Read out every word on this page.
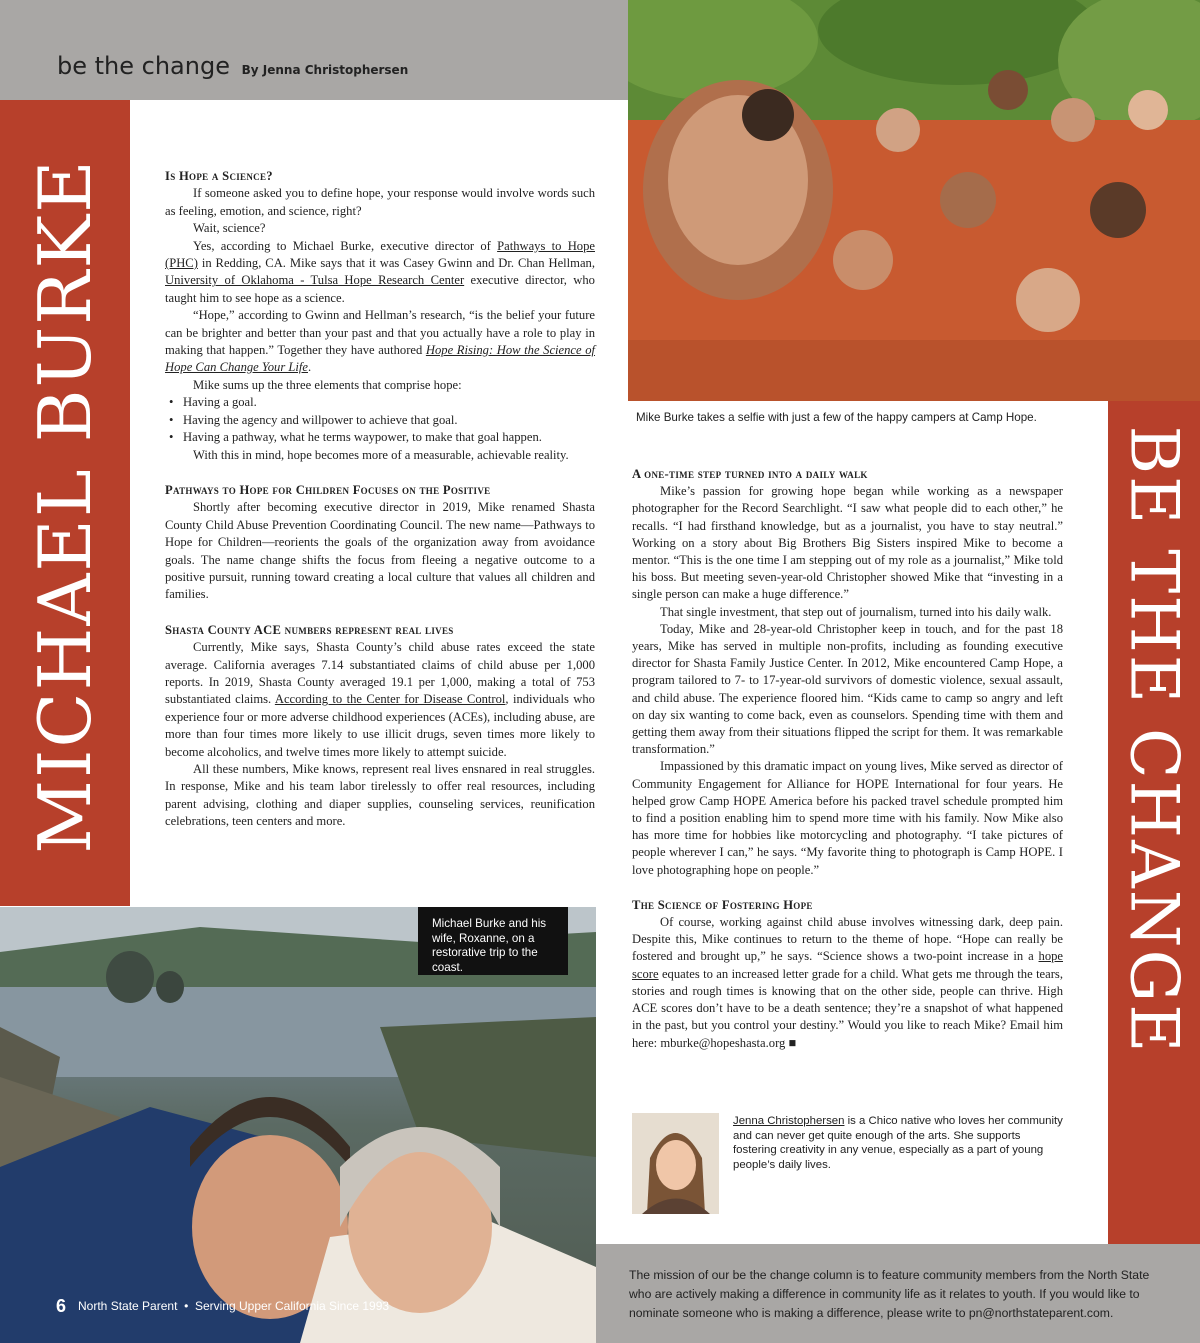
be the change By Jenna Christophersen
MICHAEL BURKE	BE THE CHANGE
Mike Burke takes a selfie with just a few of the happy campers at Camp Hope.
Is Hope a Science?

If someone asked you to define hope, your response would involve words such as feeling, emotion, and science, right?

Wait, science?

Yes, according to Michael Burke, executive director of Pathways to Hope (PHC) in Redding, CA. Mike says that it was Casey Gwinn and Dr. Chan Hellman, University of Oklahoma - Tulsa Hope Research Center executive director, who taught him to see hope as a science.

“Hope,” according to Gwinn and Hellman’s research, “is the belief your future can be brighter and better than your past and that you actually have a role to play in making that happen.” Together they have authored Hope Rising: How the Science of Hope Can Change Your Life.

Mike sums up the three elements that comprise hope:

• Having a goal.
• Having the agency and willpower to achieve that goal.
• Having a pathway, what he terms waypower, to make that goal happen.

With this in mind, hope becomes more of a measurable, achievable reality.

Pathways to Hope for Children Focuses on the Positive

Shortly after becoming executive director in 2019, Mike renamed Shasta County Child Abuse Prevention Coordinating Council. The new name—Pathways to Hope for Children—reorients the goals of the organization away from avoidance goals. The name change shifts the focus from fleeing a negative outcome to a positive pursuit, running toward creating a local culture that values all children and families.

Shasta County ACE numbers represent real lives

Currently, Mike says, Shasta County’s child abuse rates exceed the state average. California averages 7.14 substantiated claims of child abuse per 1,000 reports. In 2019, Shasta County averaged 19.1 per 1,000, making a total of 753 substantiated claims. According to the Center for Disease Control, individuals who experience four or more adverse childhood experiences (ACEs), including abuse, are more than four times more likely to use illicit drugs, seven times more likely to become alcoholics, and twelve times more likely to attempt suicide.

All these numbers, Mike knows, represent real lives ensnared in real struggles. In response, Mike and his team labor tirelessly to offer real resources, including parent advising, clothing and diaper supplies, counseling services, reunification celebrations, teen centers and more.

A one-time step turned into a daily walk

Mike’s passion for growing hope began while working as a newspaper photographer for the Record Searchlight. “I saw what people did to each other,” he recalls. “I had firsthand knowledge, but as a journalist, you have to stay neutral.” Working on a story about Big Brothers Big Sisters inspired Mike to become a mentor. “This is the one time I am stepping out of my role as a journalist,” Mike told his boss. But meeting seven-year-old Christopher showed Mike that “investing in a single person can make a huge difference.”

That single investment, that step out of journalism, turned into his daily walk.

Today, Mike and 28-year-old Christopher keep in touch, and for the past 18 years, Mike has served in multiple non-profits, including as founding executive director for Shasta Family Justice Center. In 2012, Mike encountered Camp Hope, a program tailored to 7- to 17-year-old survivors of domestic violence, sexual assault, and child abuse. The experience floored him. “Kids came to camp so angry and left on day six wanting to come back, even as counselors. Spending time with them and getting them away from their situations flipped the script for them. It was remarkable transformation.”

Impassioned by this dramatic impact on young lives, Mike served as director of Community Engagement for Alliance for HOPE International for four years. He helped grow Camp HOPE America before his packed travel schedule prompted him to find a position enabling him to spend more time with his family. Now Mike also has more time for hobbies like motorcycling and photography. “I take pictures of people wherever I can,” he says. “My favorite thing to photograph is Camp HOPE. I love photographing hope on people.”

The Science of Fostering Hope

Of course, working against child abuse involves witnessing dark, deep pain. Despite this, Mike continues to return to the theme of hope. “Hope can really be fostered and brought up,” he says. “Science shows a two-point increase in a hope score equates to an increased letter grade for a child. What gets me through the tears, stories and rough times is knowing that on the other side, people can thrive. High ACE scores don’t have to be a death sentence; they’re a snapshot of what happened in the past, but you control your destiny.” Would you like to reach Mike? Email him here: mburke@hopeshasta.org ■

Michael Burke and his wife, Roxanne, on a restorative trip to the coast.
6 North State Parent • Serving Upper California Since 1993
Jenna Christophersen is a Chico native who loves her community and can never get quite enough of the arts. She supports fostering creativity in any venue, especially as a part of young people’s daily lives.
The mission of our be the change column is to feature community members from the North State who are actively making a difference in community life as it relates to youth. If you would like to nominate someone who is making a difference, please write to pn@northstateparent.com.
